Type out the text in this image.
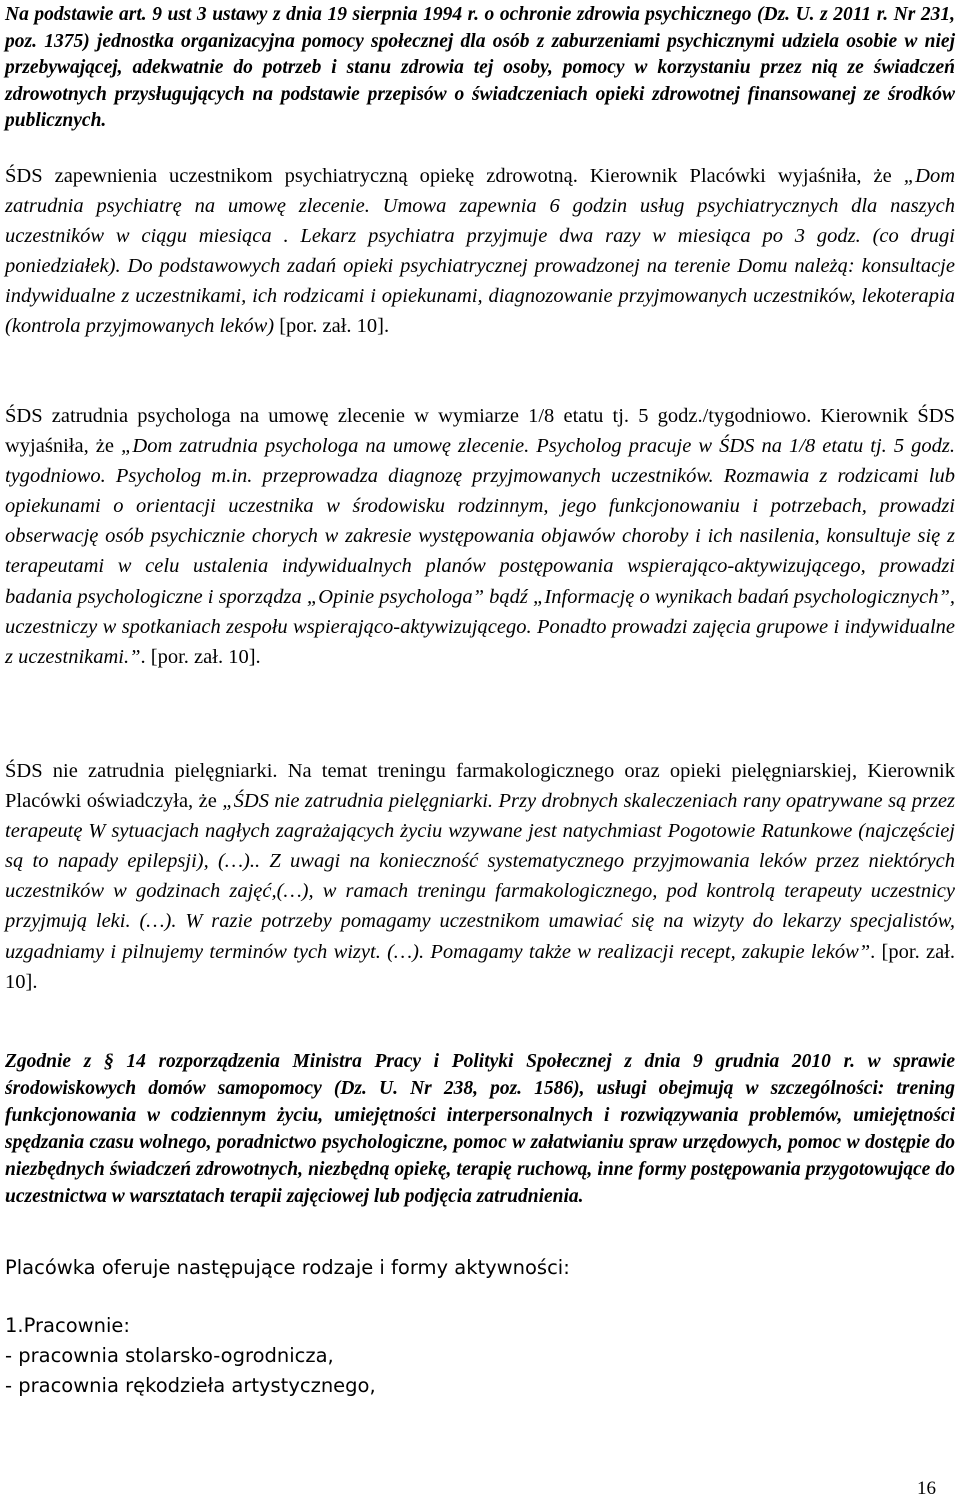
Na podstawie art. 9 ust 3 ustawy z dnia 19 sierpnia 1994 r. o ochronie zdrowia psychicznego (Dz. U. z 2011 r. Nr 231, poz. 1375) jednostka organizacyjna pomocy społecznej dla osób z zaburzeniami psychicznymi udziela osobie w niej przebywającej, adekwatnie do potrzeb i stanu zdrowia tej osoby, pomocy w korzystaniu przez nią ze świadczeń zdrowotnych przysługujących na podstawie przepisów o świadczeniach opieki zdrowotnej finansowanej ze środków publicznych.

ŚDS zapewnienia uczestnikom psychiatryczną opiekę zdrowotną. Kierownik Placówki wyjaśniła, że „Dom zatrudnia psychiatrę na umowę zlecenie. Umowa zapewnia 6 godzin usług psychiatrycznych dla naszych uczestników w ciągu miesiąca . Lekarz psychiatra przyjmuje dwa razy w miesiąca po 3 godz. (co drugi poniedziałek). Do podstawowych zadań opieki psychiatrycznej prowadzonej na terenie Domu należą: konsultacje indywidualne z uczestnikami, ich rodzicami i opiekunami, diagnozowanie przyjmowanych uczestników, lekoterapia (kontrola przyjmowanych leków) [por. zał. 10].

ŚDS zatrudnia psychologa na umowę zlecenie w wymiarze 1/8 etatu tj. 5 godz./tygodniowo. Kierownik ŚDS wyjaśniła, że „Dom zatrudnia psychologa na umowę zlecenie. Psycholog pracuje w ŚDS na 1/8 etatu tj. 5 godz. tygodniowo. Psycholog m.in. przeprowadza diagnozę przyjmowanych uczestników. Rozmawia z rodzicami lub opiekunami o orientacji uczestnika w środowisku rodzinnym, jego funkcjonowaniu i potrzebach, prowadzi obserwację osób psychicznie chorych w zakresie występowania objawów choroby i ich nasilenia, konsultuje się z terapeutami w celu ustalenia indywidualnych planów postępowania wspierająco-aktywizującego, prowadzi badania psychologiczne i sporządza „Opinie psychologa” bądź „Informację o wynikach badań psychologicznych”, uczestniczy w spotkaniach zespołu wspierająco-aktywizującego. Ponadto prowadzi zajęcia grupowe i indywidualne z uczestnikami.”. [por. zał. 10].

ŚDS nie zatrudnia pielęgniarki. Na temat treningu farmakologicznego oraz opieki pielęgniarskiej, Kierownik Placówki oświadczyła, że „ŚDS nie zatrudnia pielęgniarki. Przy drobnych skaleczeniach rany opatrywane są przez terapeutę W sytuacjach nagłych zagrażających życiu wzywane jest natychmiast Pogotowie Ratunkowe (najczęściej są to napady epilepsji), (…).. Z uwagi na konieczność systematycznego przyjmowania leków przez niektórych uczestników w godzinach zajęć,(…), w ramach treningu farmakologicznego, pod kontrolą terapeuty uczestnicy przyjmują leki. (…). W razie potrzeby pomagamy uczestnikom umawiać się na wizyty do lekarzy specjalistów, uzgadniamy i pilnujemy terminów tych wizyt. (…). Pomagamy także w realizacji recept, zakupie leków”. [por. zał. 10].

Zgodnie z § 14 rozporządzenia Ministra Pracy i Polityki Społecznej z dnia 9 grudnia 2010 r. w sprawie środowiskowych domów samopomocy (Dz. U. Nr 238, poz. 1586), usługi obejmują w szczególności: trening funkcjonowania w codziennym życiu, umiejętności interpersonalnych i rozwiązywania problemów, umiejętności spędzania czasu wolnego, poradnictwo psychologiczne, pomoc w załatwianiu spraw urzędowych, pomoc w dostępie do niezbędnych świadczeń zdrowotnych, niezbędną opiekę, terapię ruchową, inne formy postępowania przygotowujące do uczestnictwa w warsztatach terapii zajęciowej lub podjęcia zatrudnienia.

Placówka oferuje następujące rodzaje i formy aktywności:

1.Pracownie:
- pracownia stolarsko-ogrodnicza,
- pracownia rękodzieła artystycznego,
16
